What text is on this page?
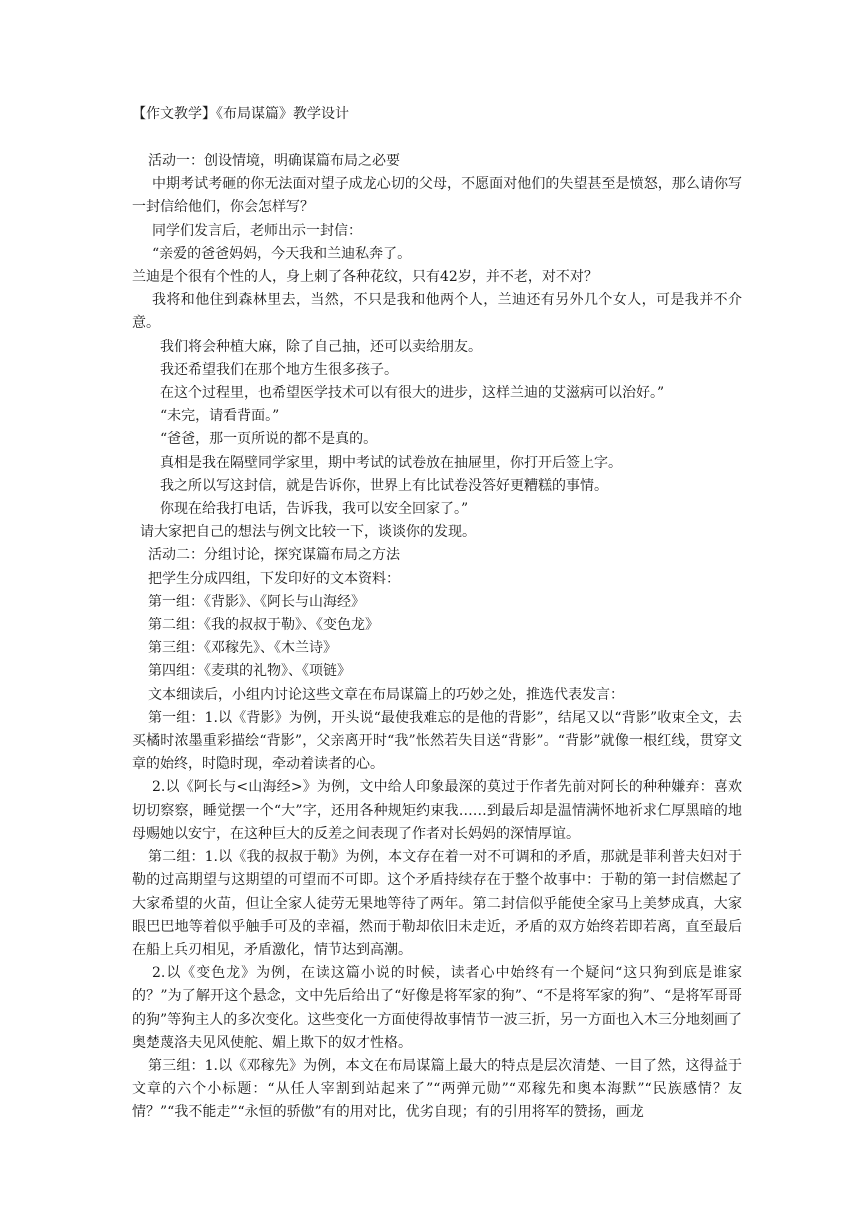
【作文教学】《布局谋篇》教学设计

活动一：创设情境，明确谋篇布局之必要

中期考试考砸的你无法面对望子成龙心切的父母，不愿面对他们的失望甚至是愤怒，那么请你写一封信给他们，你会怎样写？

同学们发言后，老师出示一封信：

“亲爱的爸爸妈妈，今天我和兰迪私奔了。

兰迪是个很有个性的人，身上刺了各种花纹，只有42岁，并不老，对不对？

我将和他住到森林里去，当然，不只是我和他两个人，兰迪还有另外几个女人，可是我并不介意。

我们将会种植大麻，除了自己抽，还可以卖给朋友。

我还希望我们在那个地方生很多孩子。

在这个过程里，也希望医学技术可以有很大的进步，这样兰迪的艾滋病可以治好。”

“未完，请看背面。”

“爸爸，那一页所说的都不是真的。

真相是我在隔壁同学家里，期中考试的试卷放在抽屉里，你打开后签上字。

我之所以写这封信，就是告诉你，世界上有比试卷没答好更糟糕的事情。

你现在给我打电话，告诉我，我可以安全回家了。”

请大家把自己的想法与例文比较一下，谈谈你的发现。

活动二：分组讨论，探究谋篇布局之方法

把学生分成四组，下发印好的文本资料：

第一组：《背影》、《阿长与山海经》

第二组：《我的叔叔于勒》、《变色龙》

第三组：《邓稼先》、《木兰诗》

第四组：《麦琪的礼物》、《项链》

文本细读后，小组内讨论这些文章在布局谋篇上的巧妙之处，推选代表发言：

第一组：1.以《背影》为例，开头说“最使我难忘的是他的背影”，结尾又以“背影”收束全文，去买橘时浓墨重彩描绘“背影”，父亲离开时“我”怅然若失目送“背影”。“背影”就像一根红线，贯穿文章的始终，时隐时现，牵动着读者的心。

2.以《阿长与<山海经>》为例，文中给人印象最深的莫过于作者先前对阿长的种种嫌弃：喜欢切切察察，睡觉摆一个“大”字，还用各种规矩约束我……到最后却是温情满怀地祈求仁厚黑暗的地母赐她以安宁，在这种巨大的反差之间表现了作者对长妈妈的深情厚谊。

第二组：1.以《我的叔叔于勒》为例，本文存在着一对不可调和的矛盾，那就是菲利普夫妇对于勒的过高期望与这期望的可望而不可即。这个矛盾持续存在于整个故事中：于勒的第一封信燃起了大家希望的火苗，但让全家人徒劳无果地等待了两年。第二封信似乎能使全家马上美梦成真，大家眼巴巴地等着似乎触手可及的幸福，然而于勒却依旧未走近，矛盾的双方始终若即若离，直至最后在船上兵刃相见，矛盾激化，情节达到高潮。

2.以《变色龙》为例，在读这篇小说的时候，读者心中始终有一个疑问“这只狗到底是谁家的？”为了解开这个悬念，文中先后给出了“好像是将军家的狗”、“不是将军家的狗”、“是将军哥哥的狗”等狗主人的多次变化。这些变化一方面使得故事情节一波三折，另一方面也入木三分地刻画了奥楚蔑洛夫见风使舵、媚上欺下的奴才性格。

第三组：1.以《邓稼先》为例，本文在布局谋篇上最大的特点是层次清楚、一目了然，这得益于文章的六个小标题：“从任人宰割到站起来了”“两弹元勋”“邓稼先和奥本海默”“民族感情？友情？”“我不能走”“永恒的骄傲”有的用对比，优劣自现；有的引用将军的赞扬，画龙
